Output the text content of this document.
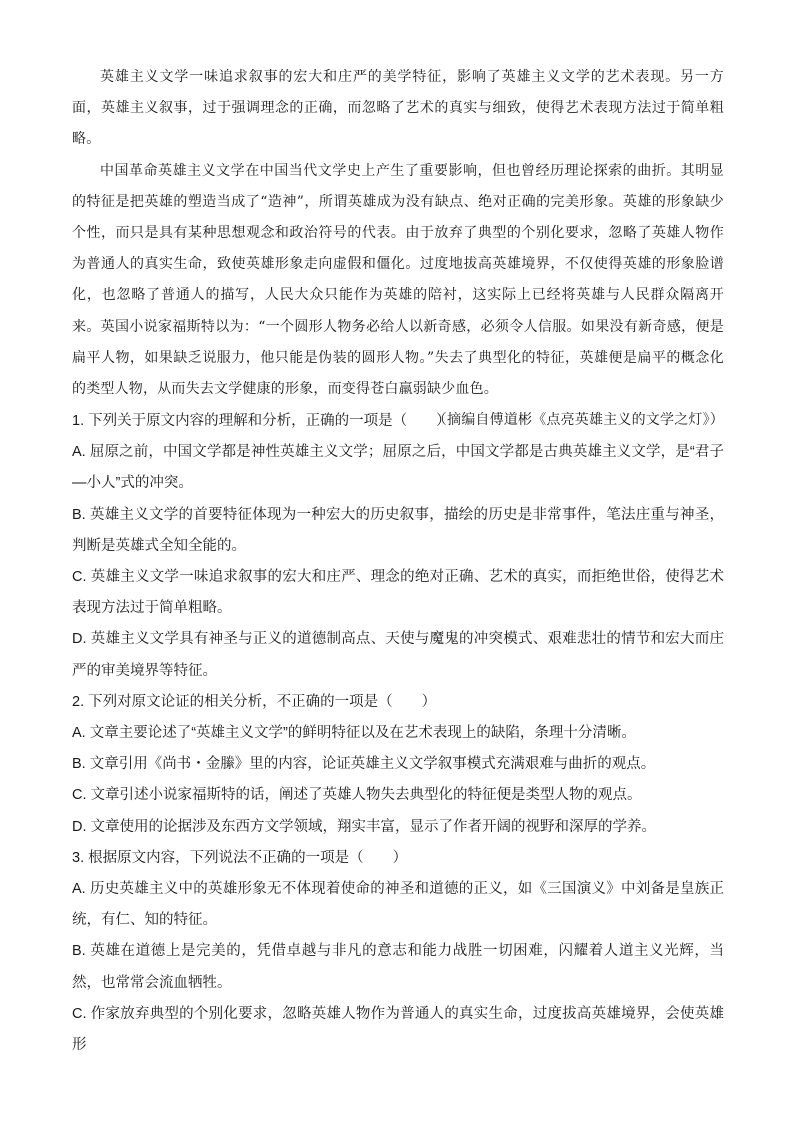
英雄主义文学一味追求叙事的宏大和庄严的美学特征，影响了英雄主义文学的艺术表现。另一方面，英雄主义叙事，过于强调理念的正确，而忽略了艺术的真实与细致，使得艺术表现方法过于简单粗略。

中国革命英雄主义文学在中国当代文学史上产生了重要影响，但也曾经历理论探索的曲折。其明显的特征是把英雄的塑造当成了“造神”，所谓英雄成为没有缺点、绝对正确的完美形象。英雄的形象缺少个性，而只是具有某种思想观念和政治符号的代表。由于放弃了典型的个别化要求，忽略了英雄人物作为普通人的真实生命，致使英雄形象走向虚假和僵化。过度地拔高英雄境界，不仅使得英雄的形象脸谱化，也忽略了普通人的描写，人民大众只能作为英雄的陪衬，这实际上已经将英雄与人民群众隔离开来。英国小说家福斯特以为：“一个圆形人物务必给人以新奇感，必须令人信服。如果没有新奇感，便是扁平人物，如果缺乏说服力，他只能是伪装的圆形人物。”失去了典型化的特征，英雄便是扁平的概念化的类型人物，从而失去文学健康的形象，而变得苍白羸弱缺少血色。

（摘编自傅道彬《点亮英雄主义的文学之灯》）

1. 下列关于原文内容的理解和分析，正确的一项是（　　）

A. 屈原之前，中国文学都是神性英雄主义文学；屈原之后，中国文学都是古典英雄主义文学，是“君子—小人”式的冲突。

B. 英雄主义文学的首要特征体现为一种宏大的历史叙事，描绘的历史是非常事件，笔法庄重与神圣，判断是英雄式全知全能的。

C. 英雄主义文学一味追求叙事的宏大和庄严、理念的绝对正确、艺术的真实，而拒绝世俗，使得艺术表现方法过于简单粗略。

D. 英雄主义文学具有神圣与正义的道德制高点、天使与魔鬼的冲突模式、艰难悲壮的情节和宏大而庄严的审美境界等特征。

2. 下列对原文论证的相关分析，不正确的一项是（　　）

A. 文章主要论述了“英雄主义文学”的鲜明特征以及在艺术表现上的缺陷，条理十分清晰。

B. 文章引用《尚书・金縢》里的内容，论证英雄主义文学叙事模式充满艰难与曲折的观点。

C. 文章引述小说家福斯特的话，阐述了英雄人物失去典型化的特征便是类型人物的观点。

D. 文章使用的论据涉及东西方文学领域，翔实丰富，显示了作者开阔的视野和深厚的学养。

3. 根据原文内容，下列说法不正确的一项是（　　）

A. 历史英雄主义中的英雄形象无不体现着使命的神圣和道德的正义，如《三国演义》中刘备是皇族正统，有仁、知的特征。

B. 英雄在道德上是完美的，凭借卓越与非凡的意志和能力战胜一切困难，闪耀着人道主义光辉，当然，也常常会流血牺牲。

C. 作家放弃典型的个别化要求，忽略英雄人物作为普通人的真实生命，过度拔高英雄境界，会使英雄形
